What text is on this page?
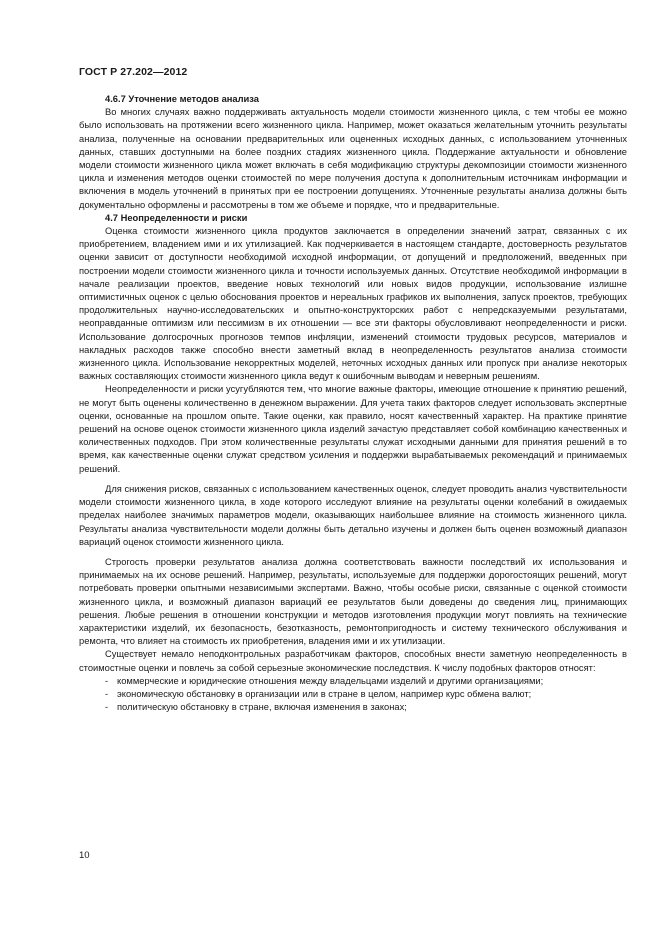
ГОСТ Р 27.202—2012

4.6.7 Уточнение методов анализа

Во многих случаях важно поддерживать актуальность модели стоимости жизненного цикла, с тем чтобы ее можно было использовать на протяжении всего жизненного цикла. Например, может оказаться желательным уточнить результаты анализа, полученные на основании предварительных или оцененных исходных данных, с использованием уточненных данных, ставших доступными на более поздних стадиях жизненного цикла. Поддержание актуальности и обновление модели стоимости жизненного цикла может включать в себя модификацию структуры декомпозиции стоимости жизненного цикла и изменения методов оценки стоимостей по мере получения доступа к дополнительным источникам информации и включения в модель уточнений в принятых при ее построении допущениях. Уточненные результаты анализа должны быть документально оформлены и рассмотрены в том же объеме и порядке, что и предварительные.

4.7 Неопределенности и риски

Оценка стоимости жизненного цикла продуктов заключается в определении значений затрат, связанных с их приобретением, владением ими и их утилизацией. Как подчеркивается в настоящем стандарте, достоверность результатов оценки зависит от доступности необходимой исходной информации, от допущений и предположений, введенных при построении модели стоимости жизненного цикла и точности используемых данных. Отсутствие необходимой информации в начале реализации проектов, введение новых технологий или новых видов продукции, использование излишне оптимистичных оценок с целью обоснования проектов и нереальных графиков их выполнения, запуск проектов, требующих продолжительных научно-исследовательских и опытно-конструкторских работ с непредсказуемыми результатами, неоправданные оптимизм или пессимизм в их отношении — все эти факторы обусловливают неопределенности и риски. Использование долгосрочных прогнозов темпов инфляции, изменений стоимости трудовых ресурсов, материалов и накладных расходов также способно внести заметный вклад в неопределенность результатов анализа стоимости жизненного цикла. Использование некорректных моделей, неточных исходных данных или пропуск при анализе некоторых важных составляющих стоимости жизненного цикла ведут к ошибочным выводам и неверным решениям.

Неопределенности и риски усугубляются тем, что многие важные факторы, имеющие отношение к принятию решений, не могут быть оценены количественно в денежном выражении. Для учета таких факторов следует использовать экспертные оценки, основанные на прошлом опыте. Такие оценки, как правило, носят качественный характер. На практике принятие решений на основе оценок стоимости жизненного цикла изделий зачастую представляет собой комбинацию качественных и количественных подходов. При этом количественные результаты служат исходными данными для принятия решений в то время, как качественные оценки служат средством усиления и поддержки вырабатываемых рекомендаций и принимаемых решений.

Для снижения рисков, связанных с использованием качественных оценок, следует проводить анализ чувствительности модели стоимости жизненного цикла, в ходе которого исследуют влияние на результаты оценки колебаний в ожидаемых пределах наиболее значимых параметров модели, оказывающих наибольшее влияние на стоимость жизненного цикла. Результаты анализа чувствительности модели должны быть детально изучены и должен быть оценен возможный диапазон вариаций оценок стоимости жизненного цикла.

Строгость проверки результатов анализа должна соответствовать важности последствий их использования и принимаемых на их основе решений. Например, результаты, используемые для поддержки дорогостоящих решений, могут потребовать проверки опытными независимыми экспертами. Важно, чтобы особые риски, связанные с оценкой стоимости жизненного цикла, и возможный диапазон вариаций ее результатов были доведены до сведения лиц, принимающих решения. Любые решения в отношении конструкции и методов изготовления продукции могут повлиять на технические характеристики изделий, их безопасность, безотказность, ремонтопригодность и систему технического обслуживания и ремонта, что влияет на стоимость их приобретения, владения ими и их утилизации.

Существует немало неподконтрольных разработчикам факторов, способных внести заметную неопределенность в стоимостные оценки и повлечь за собой серьезные экономические последствия. К числу подобных факторов относят:

- коммерческие и юридические отношения между владельцами изделий и другими организациями;
- экономическую обстановку в организации или в стране в целом, например курс обмена валют;
- политическую обстановку в стране, включая изменения в законах;
10
